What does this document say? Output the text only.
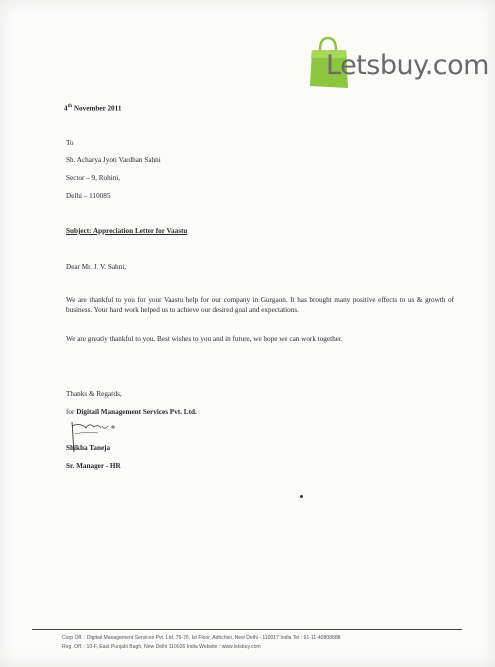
Letsbuy.com
4th November 2011
To
Sh. Acharya Jyoti Vardhan Sahni
Sector – 9, Rohini,
Delhi – 110085
Subject: Appreciation Letter for Vaastu
Dear Mr. J. V. Sahni,
We are thankful to you for your Vaastu help for our company in Gurgaon. It has brought many positive effects to us & growth of business. Your hard work helped us to achieve our desired goal and expectations.
We are greatly thankful to you. Best wishes to you and in future, we hope we can work together.
Thanks & Regards,
for Digitail Management Services Pvt. Ltd.
Shikha Taneja
Sr. Manager - HR
Corp Off. : Digitail Management Services Pvt. Ltd. 75-76, Ist Floor, Adhchini, New Delhi - 110017 India Tel : 91-11-40808888
Reg. Off. : 10-F, East Punjabi Bagh, New Delhi 110026 India Website : www.letsbuy.com
